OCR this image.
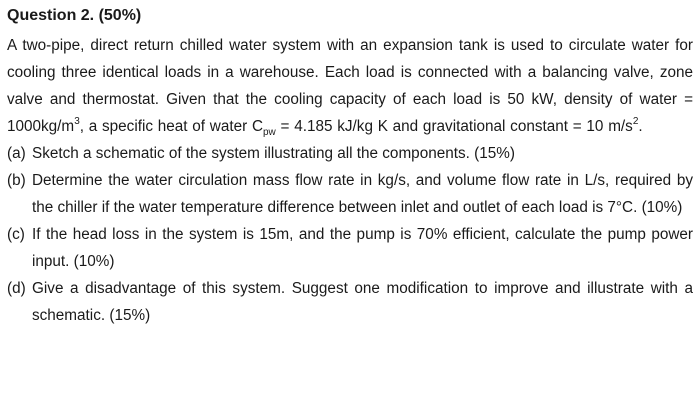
Question 2. (50%)

A two-pipe, direct return chilled water system with an expansion tank is used to circulate water for cooling three identical loads in a warehouse. Each load is connected with a balancing valve, zone valve and thermostat. Given that the cooling capacity of each load is 50 kW, density of water = $1000kg/m^3$, a specific heat of water $C_{pw} = 4.185$ kJ/kg K and gravitational constant = 10 $m/s^2$.

(a) Sketch a schematic of the system illustrating all the components. (15%)
(b) Determine the water circulation mass flow rate in kg/s, and volume flow rate in L/s, required by the chiller if the water temperature difference between inlet and outlet of each load is 7°C. (10%)
(c) If the head loss in the system is 15m, and the pump is 70% efficient, calculate the pump power input. (10%)
(d) Give a disadvantage of this system. Suggest one modification to improve and illustrate with a schematic. (15%)
